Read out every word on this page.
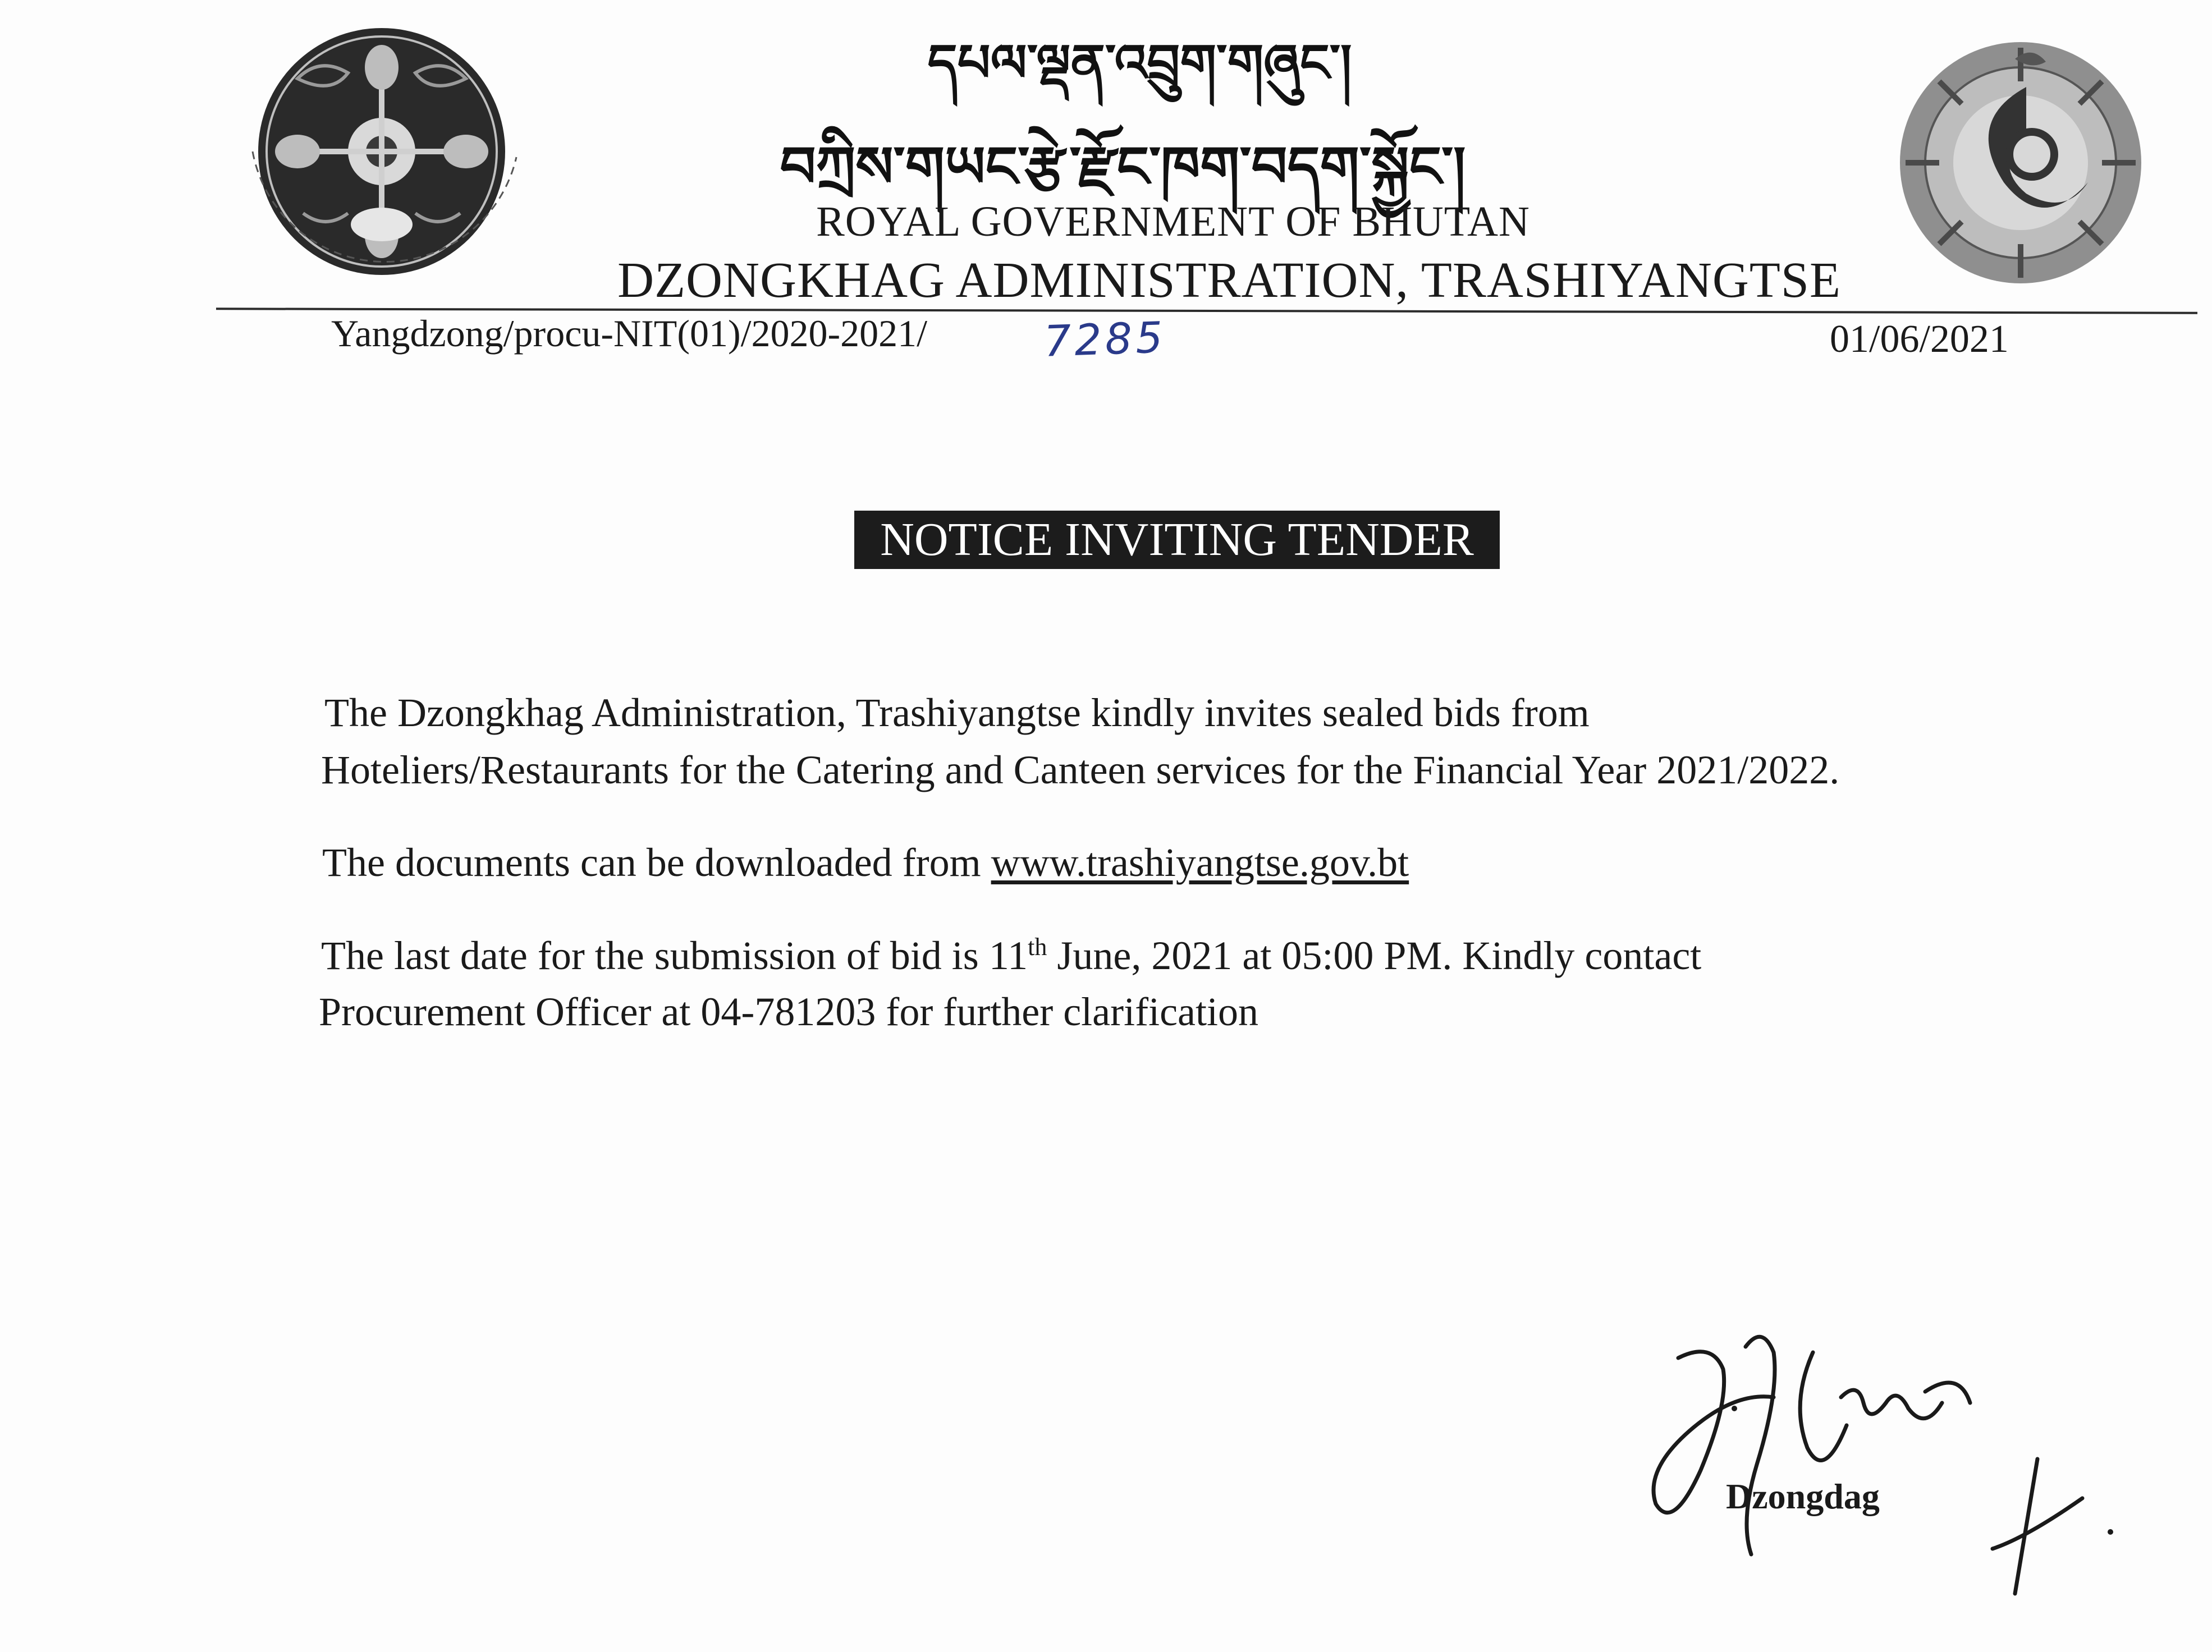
དཔལ་ལྡན་འབྲུག་གཞུང་།
བཀྲིས་གཡང་རྩེ་རྫོང་ཁག་བདག་སྐྱོང་།
ROYAL GOVERNMENT OF BHUTAN
DZONGKHAG ADMINISTRATION, TRASHIYANGTSE
Yangdzong/procu-NIT(01)/2020-2021/	7285	01/06/2021
NOTICE INVITING TENDER
The Dzongkhag Administration, Trashiyangtse kindly invites sealed bids from
Hoteliers/Restaurants for the Catering and Canteen services for the Financial Year 2021/2022.
The documents can be downloaded from www.trashiyangtse.gov.bt
The last date for the submission of bid is 11th June, 2021 at 05:00 PM. Kindly contact
Procurement Officer at 04-781203 for further clarification
Dzongdag
